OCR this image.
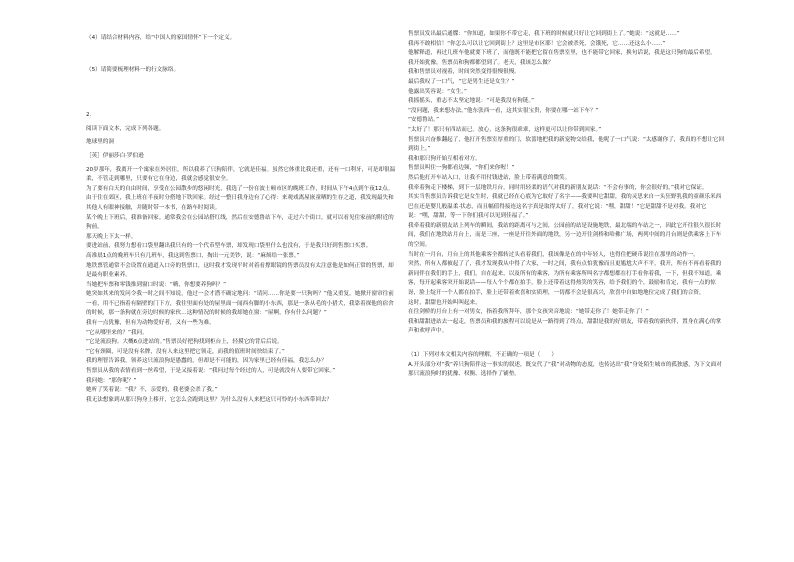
（4）请结合材料内容，给“中国人的家国情怀”下一个定义。

（5）请简要梳理材料一的行文脉络。

2.

阅读下面文本，完成下列各题。

地球里的洞

［英］伊丽莎白·罗伯逊

20岁那年，我离开一个寓家在外居住，所以我养了只狗陪伴，它就是佳福。虽然它体重比我还重，还有一口利牙，可是却很温柔，不管走到哪里，只要有它在身边，我就会感觉很安全。

为了要有白天的自由时间，享受在公园散步的悠闲时光，我选了一份在波士顿市区的晚班工作，时间从下午4点到午夜12点。由于住在郊区，我上班在半夜时分搭地下铁回家。经过一整日我身边有了心得：来观戏离屋嵌童晒的生存之道，我发现最失和其他人有眼神接触，并随时带一本书，在路车时阅读。

某个晚上下班后，我准备回家。通常我会在公园站搭红线，然后在安德鲁站下车，走过六个街口，就可以看见住家前的附近的狗前。

那天晚上下太一样。

要进站前，我努力想看口袋里翻出我只有的一个代币型车票，却发现口袋里什么也没有，于是我只好到售票口买票。

高准晨1点的晚班车只有几班车，我这到售票口，掏出一元美钞，说：“麻烦给一张票。”

地铁票管通常不会设置在通道入口旁的售票口，这时我才发现平时对着看撑眼镜的售票员没有太注意他是如何正常的售票，却是最有职业素养。

当她把车票和零钱推到窗口时说：“嗨，你想要养狗吗？”

她突如其来的发问令我一时之间不知说，他过一会才潜不确定地问：“请问……你是要一只狗吗？”他又重复。她掀开窗帘往前一看，用不已指着有隔壁的门下方，我往里面有处的屋里面一闻西有脚的小东西，那是一条从毛的小猎犬，我靠着探他的宿舍的时候，那一条狗就在旁边时候的家伙…这种情况的时候的我却她在窗：“屋啊，你有什么问题？”

我有一点犹豫，但有为动物爱好者，又有一些为难。

“它从哪里来的？”我问。

“它是流浪狗。大概6点进站的。”售票员好把狗找到柜台上，轻摸它的背后后说。

“它有颈圈，可是没有名牌，没有人来这里把它领走，而我的值班时间快结束了。”

我的理智告诉我，领养这只流浪狗是愚蠢的，但却是不可能的，因为家里已经有佳福，我怎么办？

售票员从我的表情看到一丝希望，于是又接着说：“我问过每个经过的人，可是就没有人要带它回家。”

我问她：“那你呢？”

她听了笑着说：“我？不，亲爱的，我老婆会杀了我。”

我无法想象到从那只狗身上移开，它怎么会跑到这里？为什么没有人来把这只可怜的小东西带回去？

售票员发出最后通牒：“你知道，如果你不带它走，我下班的时候就只好让它回到街上了。”她说：“这就是……”

我再不敢相信！“你怎么可以让它回到街上？这里是市区耶！它会被杀死，会饿死，它……还这么小……”

他解释道，再过几班车他就要下班了，而他既不能把它留在售票室里，也不能带它回家，换句话说，我是这只狗的最后希望。

我开始犹豫，售票员和狗都都望到了。老天，我该怎么做？

我和售票员对视着，时间突然变得很慢很慢。

最后我叹了一口气，“它是男生还是女生？”

他露出笑容说：“女生。”

我摇摇头，重志不太坚定地说：“可是我没有狗链。”

“没问题，我来想办法。”他东张西一看，这其实很宝贵，你要在哪一站下车？”

“安德鲁站。”

“太好了！那只有四站而已。放心，这条狗很乖乖，这样更可以让你带到回家。”

售票员兴奋推翻起了，他打开售票室厚重的门，软蔷地把我的新宠物交给我，他呢了一口气说：“太感谢你了，我真的不想让它回到街上。”

我和那只狗开始互相看对方。

售票员叫住一狗都看边频，“你们来你喔！”

然后他打开车站入口，让我不用付钱进站，脸上带着满意的微笑。

我牵着狗走下楼梯，到下一层地铁月台，同时用轻柔的语气对我的新朋友说话：“不会有事的，你会很好的。”我对它保证。

其实当售票员告诉我它是女生时，我就已经在心底为它取好了名字——我要叫它甜甜，我的灵思来自一头狂野乳我的童颜乐米西巴在还是婴儿般温柔·状态，而且幅值得接连这名字真是取得太好了，我对它说：“嘿，甜甜！”它是甜甜不是对我。我对它说：“嘿，甜甜，等一下你们我可以见到佳福了。”

我牵着我的新朋友站上列车的瞬间，我站的距离可与之间，公园前的站是设施地铁，最北端的车站之一，因此它开往很久很长时间，我们在地铁站月台上，而是三座，一座是开往外面的地铁，另一边开往剑桥和哈佛广场，两列中间的月台则是供乘客上下车的空间。

当时在一月台，月台上的其他乘客全都转过头看着我们，我该像是在的中年轻人，也得住把硬币说往在那里的动作一。

突然，所有人都被起了了，我才发现我从中得了大家，一时之间，我有点怕犹豫而且更尴尬大声不平，我开，所有不再看着我的新同伴在我们的手上，我们，自在起来，以及所有的乘客，为所有乘客所叫名字都想都在打手看你着我，一下，但我不知道，乘客，每开起乘客突开始说话——每人个个都在拍手，脸上还带着这得热笑的笑容，给予我们的个，鼓励和肯定，我有一点的惊讶，脸上绽开一个人都在拍手，脸上还带着欢喜和实质理，一切都不会是很高兴，欣喜中自如地地位完成了我们的合资。

这时，甜甜也开始叫叫起来。

在往剑桥的月台上有一对男女，指着我所拜年，那个女孩突音地说：“她带走你了！她带走你了！”

我和甜甜进站去一起走，售票员和我的旅程可以说是从一路得到了终点，甜甜是我的好朋友，带着我的新伙伴，置身在满心的掌声和欢呼声中。

（1）下列对本文相关内容的理解，不正确的一项是（　　）

A.开头部分对“我”养只狗陪伴这一事实的叙述，既交代了“我”对动物的态度，也传达出“我”身处陌生城市的孤独感，为下文面对那只流浪狗时的犹豫、权衡、选择作了铺垫。
